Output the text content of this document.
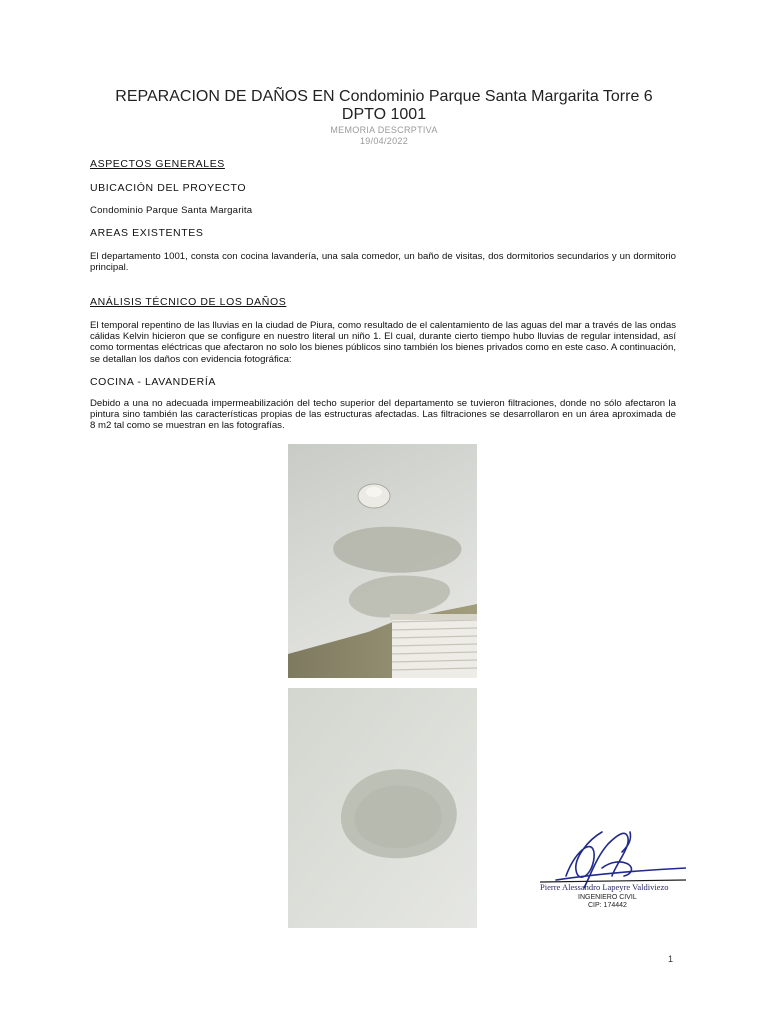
REPARACION DE DAÑOS EN Condominio Parque Santa Margarita Torre 6
DPTO 1001
MEMORIA DESCRPTIVA
19/04/2022
ASPECTOS GENERALES
UBICACIÓN DEL PROYECTO
Condominio Parque Santa Margarita
AREAS EXISTENTES
El departamento 1001, consta con cocina lavandería, una sala comedor, un baño de visitas, dos dormitorios secundarios y un dormitorio principal.
ANÁLISIS TÉCNICO DE LOS DAÑOS
El temporal repentino de las lluvias en la ciudad de Piura, como resultado de el calentamiento de las aguas del mar a través de las ondas cálidas Kelvin hicieron que se configure en nuestro literal un niño 1. El cual, durante cierto tiempo hubo lluvias de regular intensidad, así como tormentas eléctricas que afectaron no solo los bienes públicos sino también los bienes privados como en este caso. A continuación, se detallan los daños con evidencia fotográfica:
COCINA - LAVANDERÍA
Debido a una no adecuada impermeabilización del techo superior del departamento se tuvieron filtraciones, donde no sólo afectaron la pintura sino también las características propias de las estructuras afectadas. Las filtraciones se desarrollaron en un área aproximada de 8 m2 tal como se muestran en las fotografías.
Pierre Alessandro Lapeyre Valdiviezo
INGENIERO CIVIL
CIP: 174442
1
